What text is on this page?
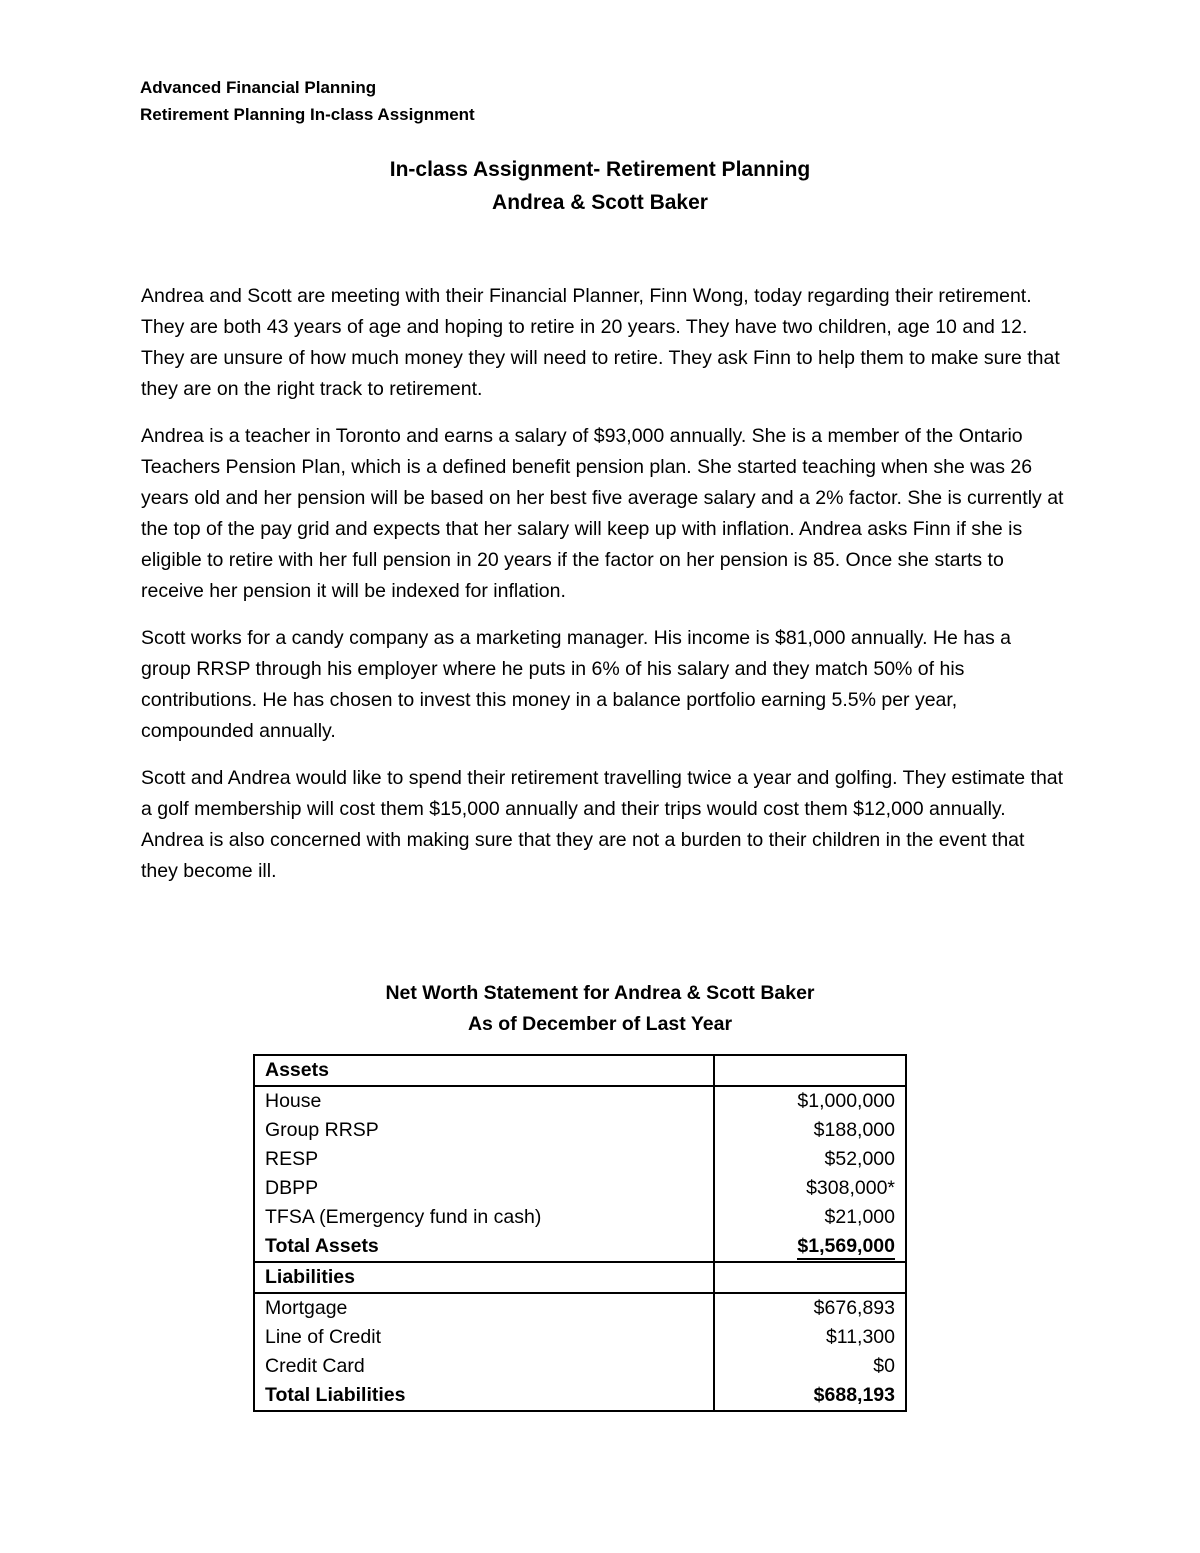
Advanced Financial Planning
Retirement Planning In-class Assignment
In-class Assignment- Retirement Planning
Andrea & Scott Baker

Andrea and Scott are meeting with their Financial Planner, Finn Wong, today regarding their retirement. They are both 43 years of age and hoping to retire in 20 years. They have two children, age 10 and 12. They are unsure of how much money they will need to retire. They ask Finn to help them to make sure that they are on the right track to retirement.

Andrea is a teacher in Toronto and earns a salary of $93,000 annually. She is a member of the Ontario Teachers Pension Plan, which is a defined benefit pension plan. She started teaching when she was 26 years old and her pension will be based on her best five average salary and a 2% factor. She is currently at the top of the pay grid and expects that her salary will keep up with inflation. Andrea asks Finn if she is eligible to retire with her full pension in 20 years if the factor on her pension is 85. Once she starts to receive her pension it will be indexed for inflation.

Scott works for a candy company as a marketing manager. His income is $81,000 annually. He has a group RRSP through his employer where he puts in 6% of his salary and they match 50% of his contributions. He has chosen to invest this money in a balance portfolio earning 5.5% per year, compounded annually.

Scott and Andrea would like to spend their retirement travelling twice a year and golfing. They estimate that a golf membership will cost them $15,000 annually and their trips would cost them $12,000 annually. Andrea is also concerned with making sure that they are not a burden to their children in the event that they become ill.

Net Worth Statement for Andrea & Scott Baker
As of December of Last Year
Assets	
House	$1,000,000
Group RRSP	$188,000
RESP	$52,000
DBPP	$308,000*
TFSA (Emergency fund in cash)	$21,000
Total Assets	$1,569,000
Liabilities	
Mortgage	$676,893
Line of Credit	$11,300
Credit Card	$0
Total Liabilities	$688,193
